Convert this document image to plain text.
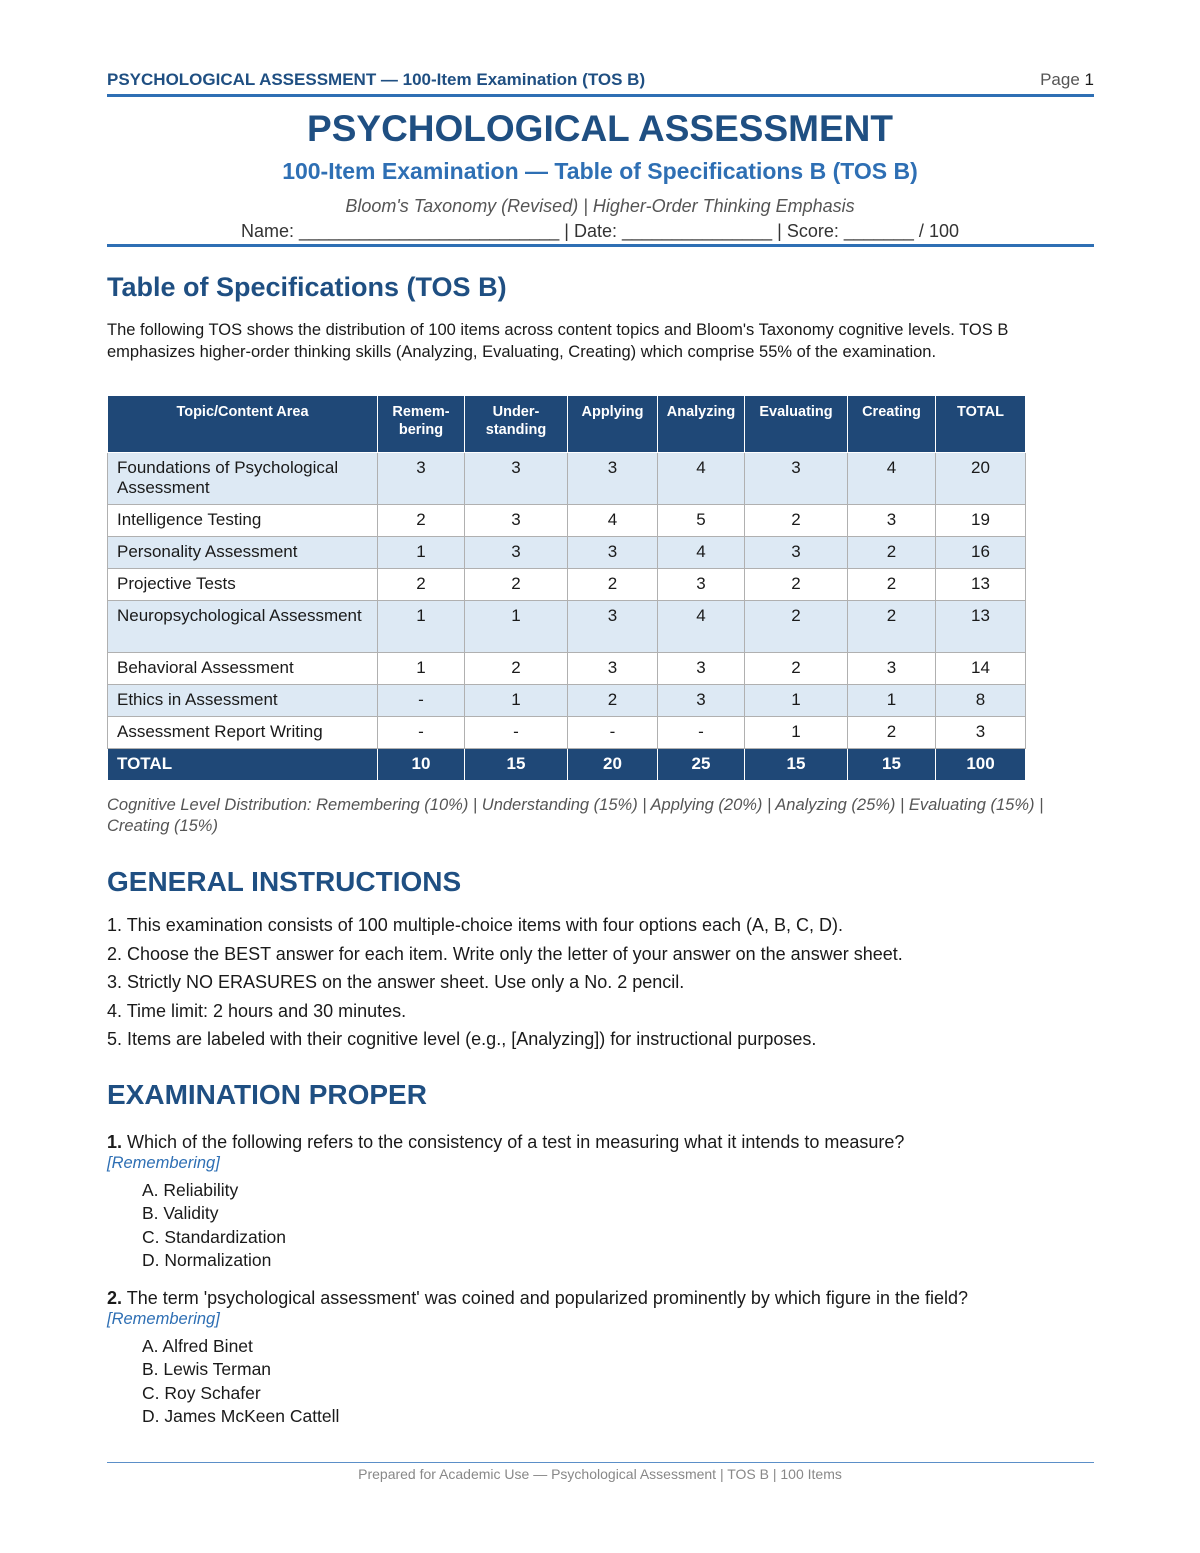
PSYCHOLOGICAL ASSESSMENT — 100-Item Examination (TOS B)	Page 1
PSYCHOLOGICAL ASSESSMENT
100-Item Examination — Table of Specifications B (TOS B)
Bloom's Taxonomy (Revised) | Higher-Order Thinking Emphasis
Name: __________________________ | Date: _______________ | Score: _______ / 100
Table of Specifications (TOS B)
The following TOS shows the distribution of 100 items across content topics and Bloom's Taxonomy cognitive levels. TOS B emphasizes higher-order thinking skills (Analyzing, Evaluating, Creating) which comprise 55% of the examination.
Topic/Content Area	Remem-bering	Under-standing	Applying	Analyzing	Evaluating	Creating	TOTAL
Foundations of Psychological Assessment	3	3	3	4	3	4	20
Intelligence Testing	2	3	4	5	2	3	19
Personality Assessment	1	3	3	4	3	2	16
Projective Tests	2	2	2	3	2	2	13
Neuropsychological Assessment	1	1	3	4	2	2	13
Behavioral Assessment	1	2	3	3	2	3	14
Ethics in Assessment	-	1	2	3	1	1	8
Assessment Report Writing	-	-	-	-	1	2	3
TOTAL	10	15	20	25	15	15	100
Cognitive Level Distribution: Remembering (10%) | Understanding (15%) | Applying (20%) | Analyzing (25%) | Evaluating (15%) | Creating (15%)
GENERAL INSTRUCTIONS
1. This examination consists of 100 multiple-choice items with four options each (A, B, C, D).
2. Choose the BEST answer for each item. Write only the letter of your answer on the answer sheet.
3. Strictly NO ERASURES on the answer sheet. Use only a No. 2 pencil.
4. Time limit: 2 hours and 30 minutes.
5. Items are labeled with their cognitive level (e.g., [Analyzing]) for instructional purposes.
EXAMINATION PROPER
1. Which of the following refers to the consistency of a test in measuring what it intends to measure?
[Remembering]
A. Reliability
B. Validity
C. Standardization
D. Normalization
2. The term 'psychological assessment' was coined and popularized prominently by which figure in the field?
[Remembering]
A. Alfred Binet
B. Lewis Terman
C. Roy Schafer
D. James McKeen Cattell
Prepared for Academic Use — Psychological Assessment | TOS B | 100 Items
